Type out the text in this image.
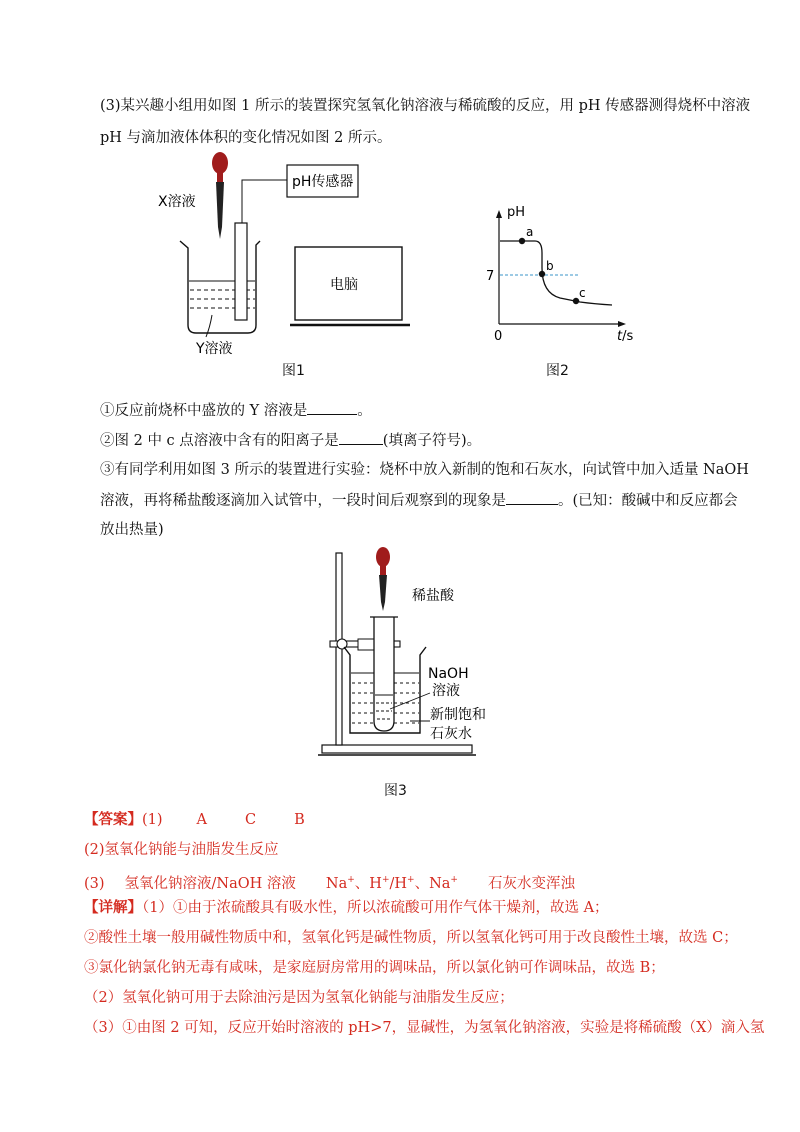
(3)某兴趣小组用如图 1 所示的装置探究氢氧化钠溶液与稀硫酸的反应，用 pH 传感器测得烧杯中溶液
pH 与滴加液体体积的变化情况如图 2 所示。
X溶液
Y溶液
pH传感器
电脑
图1
pH
7
0	t/s
a
b
c
图2
①反应前烧杯中盛放的 Y 溶液是	。
②图 2 中 c 点溶液中含有的阳离子是	(填离子符号)。
③有同学利用如图 3 所示的装置进行实验：烧杯中放入新制的饱和石灰水，向试管中加入适量 NaOH
溶液，再将稀盐酸逐滴加入试管中，一段时间后观察到的现象是	。(已知：酸碱中和反应都会
放出热量)
稀盐酸
NaOH
溶液
新制饱和
石灰水
图3
【答案】(1) A	C	B
(2)氢氧化钠能与油脂发生反应
(3) 氢氧化钠溶液/NaOH 溶液 Na+、H+/H+、Na+ 石灰水变浑浊
【详解】（1）①由于浓硫酸具有吸水性，所以浓硫酸可用作气体干燥剂，故选 A；
②酸性土壤一般用碱性物质中和，氢氧化钙是碱性物质，所以氢氧化钙可用于改良酸性土壤，故选 C；
③氯化钠氯化钠无毒有咸味，是家庭厨房常用的调味品，所以氯化钠可作调味品，故选 B；
（2）氢氧化钠可用于去除油污是因为氢氧化钠能与油脂发生反应；
（3）①由图 2 可知，反应开始时溶液的 pH>7，显碱性，为氢氧化钠溶液，实验是将稀硫酸（X）滴入氢
